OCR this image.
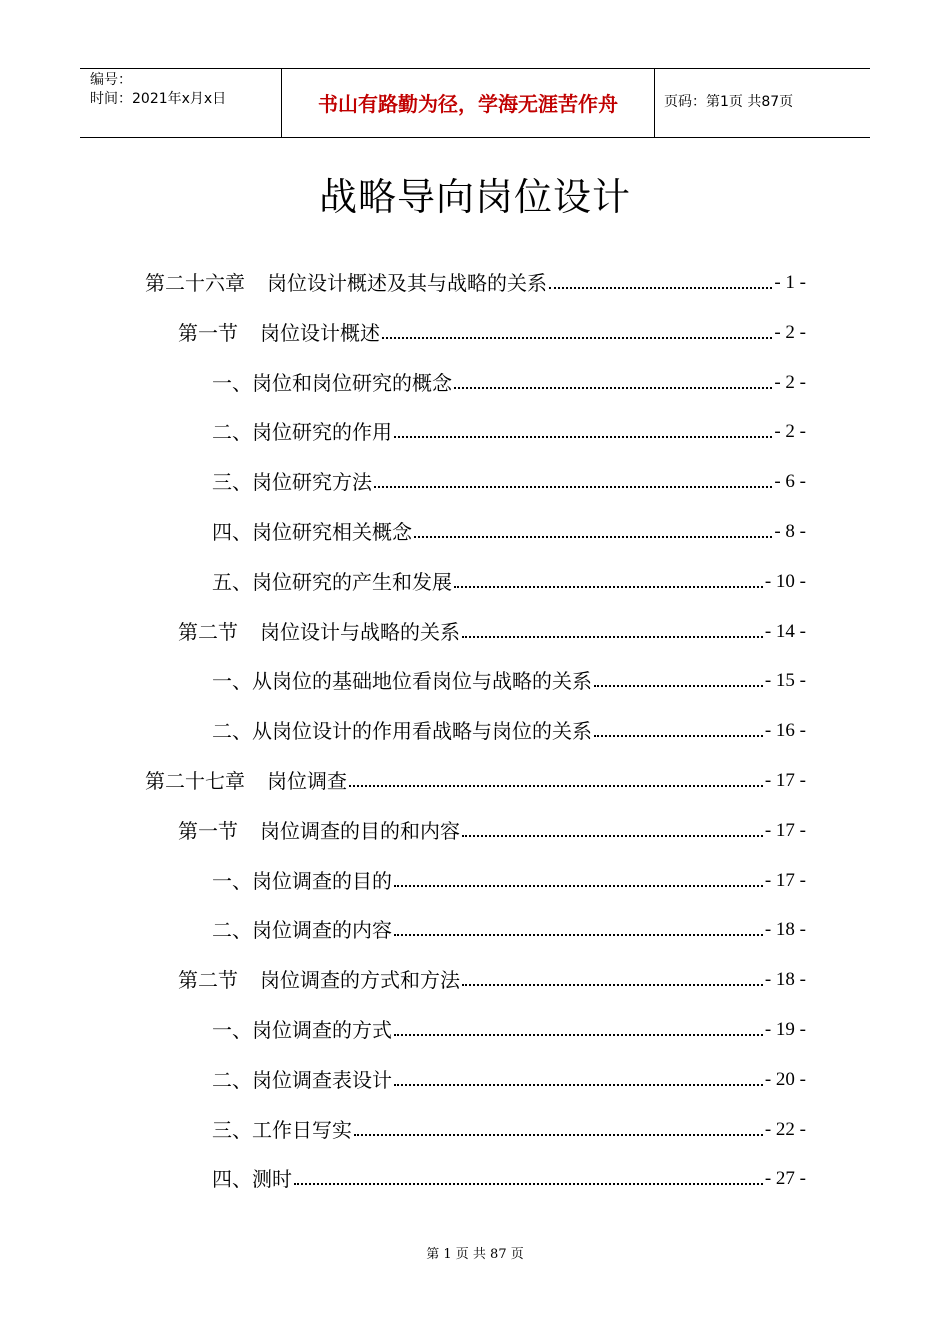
编号：
时间：2021年x月x日	书山有路勤为径，学海无涯苦作舟	页码：第1页 共87页
战略导向岗位设计
第二十六章 岗位设计概述及其与战略的关系	- 1 -
第一节 岗位设计概述	- 2 -
一、岗位和岗位研究的概念	- 2 -
二、岗位研究的作用	- 2 -
三、岗位研究方法	- 6 -
四、岗位研究相关概念	- 8 -
五、岗位研究的产生和发展	- 10 -
第二节 岗位设计与战略的关系	- 14 -
一、从岗位的基础地位看岗位与战略的关系	- 15 -
二、从岗位设计的作用看战略与岗位的关系	- 16 -
第二十七章 岗位调查	- 17 -
第一节 岗位调查的目的和内容	- 17 -
一、岗位调查的目的	- 17 -
二、岗位调查的内容	- 18 -
第二节 岗位调查的方式和方法	- 18 -
一、岗位调查的方式	- 19 -
二、岗位调查表设计	- 20 -
三、工作日写实	- 22 -
四、测时	- 27 -
第 1 页 共 87 页
